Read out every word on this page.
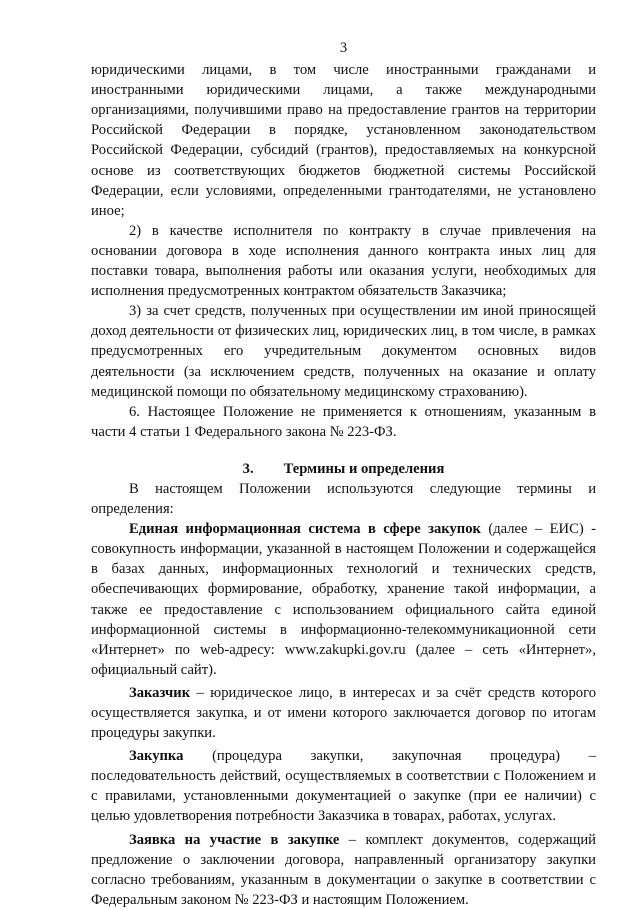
3

юридическими лицами, в том числе иностранными гражданами и иностранными юридическими лицами, а также международными организациями, получившими право на предоставление грантов на территории Российской Федерации в порядке, установленном законодательством Российской Федерации, субсидий (грантов), предоставляемых на конкурсной основе из соответствующих бюджетов бюджетной системы Российской Федерации, если условиями, определенными грантодателями, не установлено иное;

2) в качестве исполнителя по контракту в случае привлечения на основании договора в ходе исполнения данного контракта иных лиц для поставки товара, выполнения работы или оказания услуги, необходимых для исполнения предусмотренных контрактом обязательств Заказчика;

3) за счет средств, полученных при осуществлении им иной приносящей доход деятельности от физических лиц, юридических лиц, в том числе, в рамках предусмотренных его учредительным документом основных видов деятельности (за исключением средств, полученных на оказание и оплату медицинской помощи по обязательному медицинскому страхованию).

6. Настоящее Положение не применяется к отношениям, указанным в части 4 статьи 1 Федерального закона № 223-ФЗ.

3. Термины и определения

В настоящем Положении используются следующие термины и определения:

Единая информационная система в сфере закупок (далее – ЕИС) - совокупность информации, указанной в настоящем Положении и содержащейся в базах данных, информационных технологий и технических средств, обеспечивающих формирование, обработку, хранение такой информации, а также ее предоставление с использованием официального сайта единой информационной системы в информационно-телекоммуникационной сети «Интернет» по web-адресу: www.zakupki.gov.ru (далее – сеть «Интернет», официальный сайт).

Заказчик – юридическое лицо, в интересах и за счёт средств которого осуществляется закупка, и от имени которого заключается договор по итогам процедуры закупки.

Закупка (процедура закупки, закупочная процедура) – последовательность действий, осуществляемых в соответствии с Положением и с правилами, установленными документацией о закупке (при ее наличии) с целью удовлетворения потребности Заказчика в товарах, работах, услугах.

Заявка на участие в закупке – комплект документов, содержащий предложение о заключении договора, направленный организатору закупки согласно требованиям, указанным в документации о закупке в соответствии с Федеральным законом № 223-ФЗ и настоящим Положением.
